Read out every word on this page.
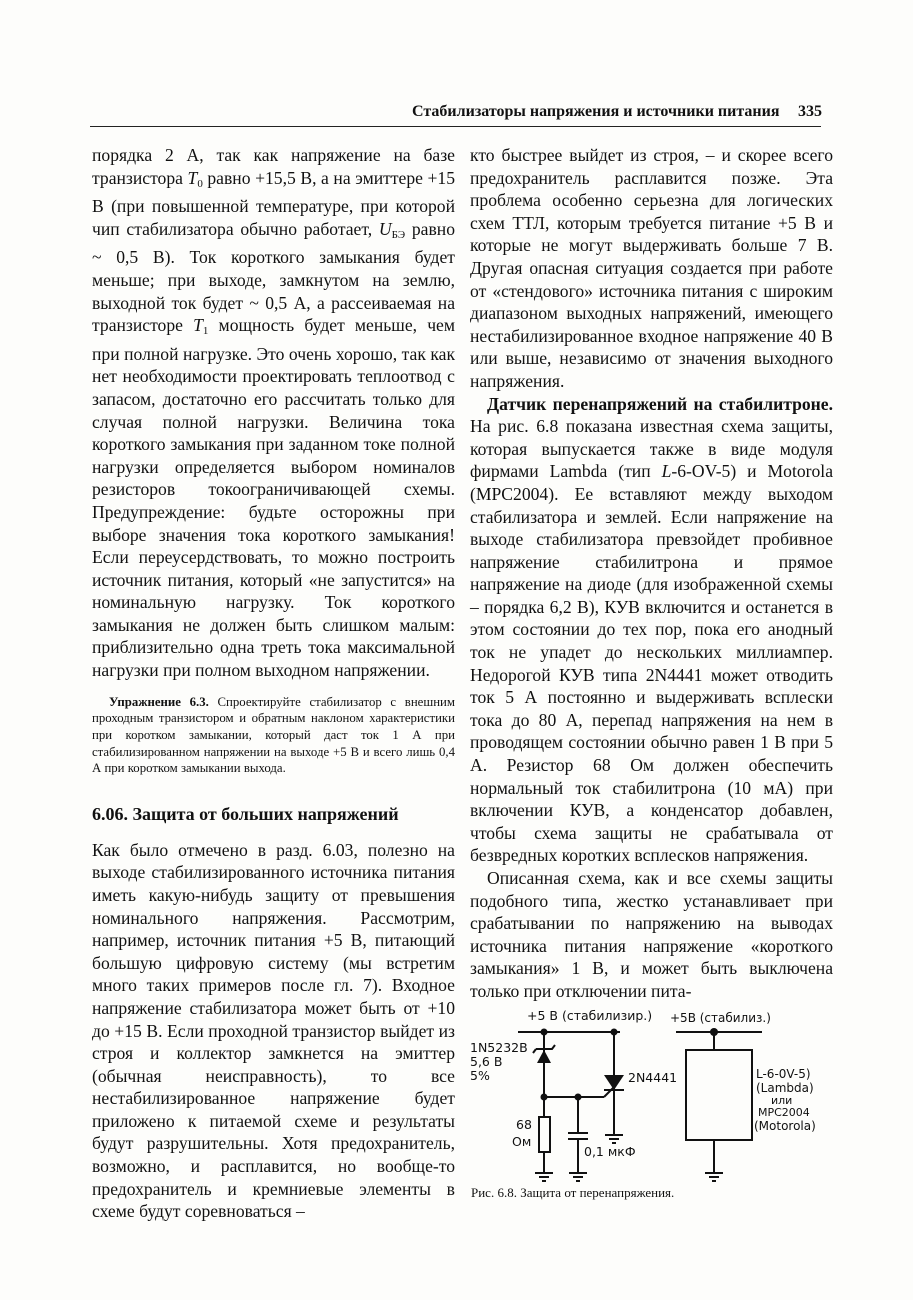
Стабилизаторы напряжения и источники питания 335

порядка 2 А, так как напряжение на базе транзистора $T_0$ равно +15,5 В, а на эмиттере +15 В (при повышенной температуре, при которой чип стабилизатора обычно работает, $U_{БЭ}$ равно ~ 0,5 В). Ток короткого замыкания будет меньше; при выходе, замкнутом на землю, выходной ток будет ~ 0,5 А, а рассеиваемая на транзисторе $T_1$ мощность будет меньше, чем при полной нагрузке. Это очень хорошо, так как нет необходимости проектировать теплоотвод с запасом, достаточно его рассчитать только для случая полной нагрузки. Величина тока короткого замыкания при заданном токе полной нагрузки определяется выбором номиналов резисторов токоограничивающей схемы. Предупреждение: будьте осторожны при выборе значения тока короткого замыкания! Если переусердствовать, то можно построить источник питания, который «не запустится» на номинальную нагрузку. Ток короткого замыкания не должен быть слишком малым: приблизительно одна треть тока максимальной нагрузки при полном выходном напряжении.

Упражнение 6.3. Спроектируйте стабилизатор с внешним проходным транзистором и обратным наклоном характеристики при коротком замыкании, который даст ток 1 А при стабилизированном напряжении на выходе +5 В и всего лишь 0,4 А при коротком замыкании выхода.

6.06. Защита от больших напряжений

Как было отмечено в разд. 6.03, полезно на выходе стабилизированного источника питания иметь какую-нибудь защиту от превышения номинального напряжения. Рассмотрим, например, источник питания +5 В, питающий большую цифровую систему (мы встретим много таких примеров после гл. 7). Входное напряжение стабилизатора может быть от +10 до +15 В. Если проходной транзистор выйдет из строя и коллектор замкнется на эмиттер (обычная неисправность), то все нестабилизированное напряжение будет приложено к питаемой схеме и результаты будут разрушительны. Хотя предохранитель, возможно, и расплавится, но вообще-то предохранитель и кремниевые элементы в схеме будут соревноваться –

кто быстрее выйдет из строя, – и скорее всего предохранитель расплавится позже. Эта проблема особенно серьезна для логических схем ТТЛ, которым требуется питание +5 В и которые не могут выдерживать больше 7 В. Другая опасная ситуация создается при работе от «стендового» источника питания с широким диапазоном выходных напряжений, имеющего нестабилизированное входное напряжение 40 В или выше, независимо от значения выходного напряжения.

Датчик перенапряжений на стабилитроне. На рис. 6.8 показана известная схема защиты, которая выпускается также в виде модуля фирмами Lambda (тип L-6-OV-5) и Motorola (MPC2004). Ее вставляют между выходом стабилизатора и землей. Если напряжение на выходе стабилизатора превзойдет пробивное напряжение стабилитрона и прямое напряжение на диоде (для изображенной схемы – порядка 6,2 В), КУВ включится и останется в этом состоянии до тех пор, пока его анодный ток не упадет до нескольких миллиампер. Недорогой КУВ типа 2N4441 может отводить ток 5 А постоянно и выдерживать всплески тока до 80 А, перепад напряжения на нем в проводящем состоянии обычно равен 1 В при 5 А. Резистор 68 Ом должен обеспечить нормальный ток стабилитрона (10 мА) при включении КУВ, а конденсатор добавлен, чтобы схема защиты не срабатывала от безвредных коротких всплесков напряжения.

Описанная схема, как и все схемы защиты подобного типа, жестко устанавливает при срабатывании по напряжению на выводах источника питания напряжение «короткого замыкания» 1 В, и может быть выключена только при отключении пита-

+5 В (стабилизир.) +5В (стабилиз.)
1N5232B
5,6 В
5%	2N4441
68
Ом
0,1 мкФ
L-6-0V-5)
(Lambda)
или
MPC2004
(Motorola)
Рис. 6.8. Защита от перенапряжения.
